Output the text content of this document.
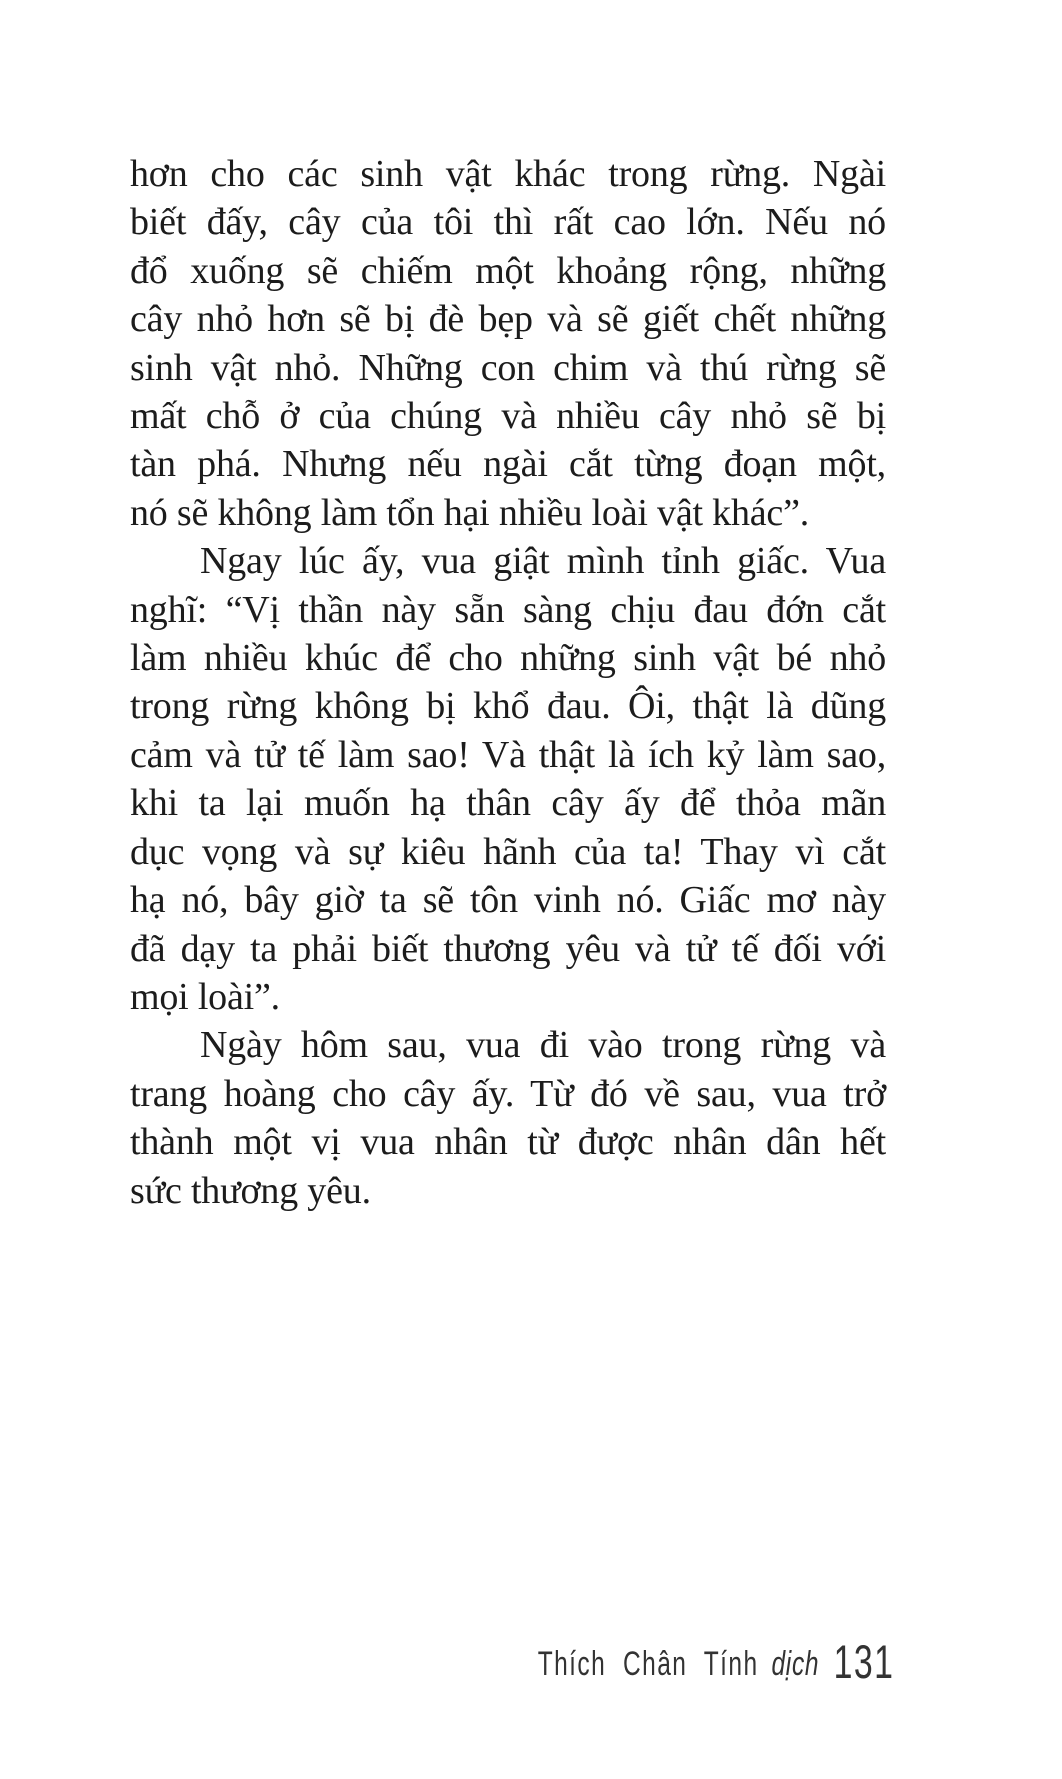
hơn cho các sinh vật khác trong rừng. Ngài
biết đấy, cây của tôi thì rất cao lớn. Nếu nó
đổ xuống sẽ chiếm một khoảng rộng, những
cây nhỏ hơn sẽ bị đè bẹp và sẽ giết chết những
sinh vật nhỏ. Những con chim và thú rừng sẽ
mất chỗ ở của chúng và nhiều cây nhỏ sẽ bị
tàn phá. Nhưng nếu ngài cắt từng đoạn một,
nó sẽ không làm tổn hại nhiều loài vật khác”.
Ngay lúc ấy, vua giật mình tỉnh giấc. Vua
nghĩ: “Vị thần này sẵn sàng chịu đau đớn cắt
làm nhiều khúc để cho những sinh vật bé nhỏ
trong rừng không bị khổ đau. Ôi, thật là dũng
cảm và tử tế làm sao! Và thật là ích kỷ làm sao,
khi ta lại muốn hạ thân cây ấy để thỏa mãn
dục vọng và sự kiêu hãnh của ta! Thay vì cắt
hạ nó, bây giờ ta sẽ tôn vinh nó. Giấc mơ này
đã dạy ta phải biết thương yêu và tử tế đối với
mọi loài”.
Ngày hôm sau, vua đi vào trong rừng và
trang hoàng cho cây ấy. Từ đó về sau, vua trở
thành một vị vua nhân từ được nhân dân hết
sức thương yêu.
Thích Chân Tính dịch 131
